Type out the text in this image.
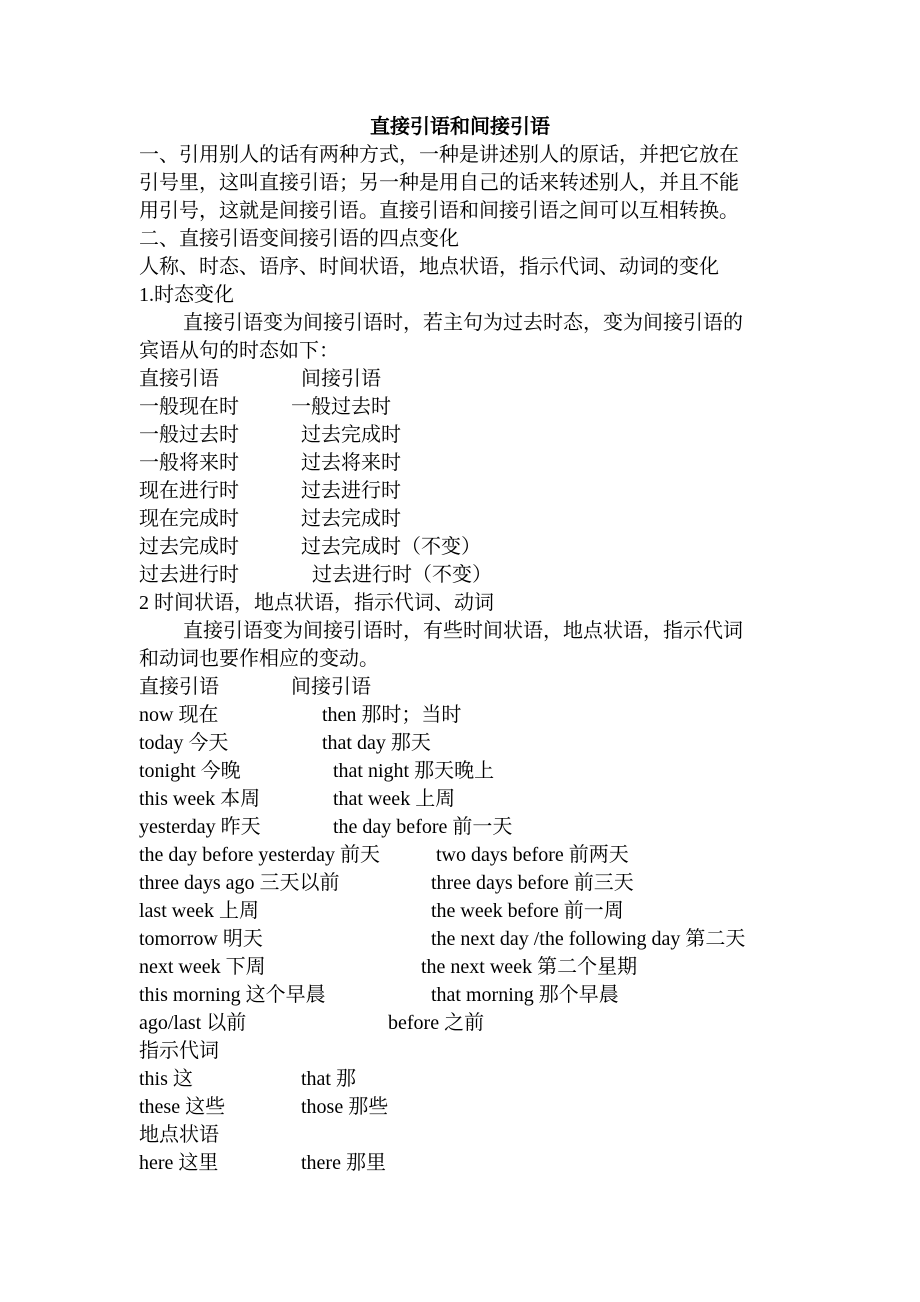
直接引语和间接引语
一、引用别人的话有两种方式，一种是讲述别人的原话，并把它放在
引号里，这叫直接引语；另一种是用自己的话来转述别人，并且不能
用引号，这就是间接引语。直接引语和间接引语之间可以互相转换。
二、直接引语变间接引语的四点变化
人称、时态、语序、时间状语，地点状语，指示代词、动词的变化
1.时态变化
直接引语变为间接引语时，若主句为过去时态，变为间接引语的
宾语从句的时态如下：
直接引语	间接引语
一般现在时	一般过去时
一般过去时	过去完成时
一般将来时	过去将来时
现在进行时	过去进行时
现在完成时	过去完成时
过去完成时	过去完成时（不变）
过去进行时	过去进行时（不变）
2 时间状语，地点状语，指示代词、动词
直接引语变为间接引语时，有些时间状语，地点状语，指示代词
和动词也要作相应的变动。
直接引语	间接引语
now 现在	then 那时；当时
today 今天	that day 那天
tonight 今晚	that night 那天晚上
this week 本周	that week 上周
yesterday 昨天	the day before 前一天
the day before yesterday 前天	two days before 前两天
three days ago 三天以前	three days before 前三天
last week 上周	the week before 前一周
tomorrow 明天	the next day /the following day 第二天
next week 下周	the next week 第二个星期
this morning 这个早晨	that morning 那个早晨
ago/last 以前	before 之前
指示代词
this 这	that 那
these 这些	those 那些
地点状语
here 这里	there 那里
